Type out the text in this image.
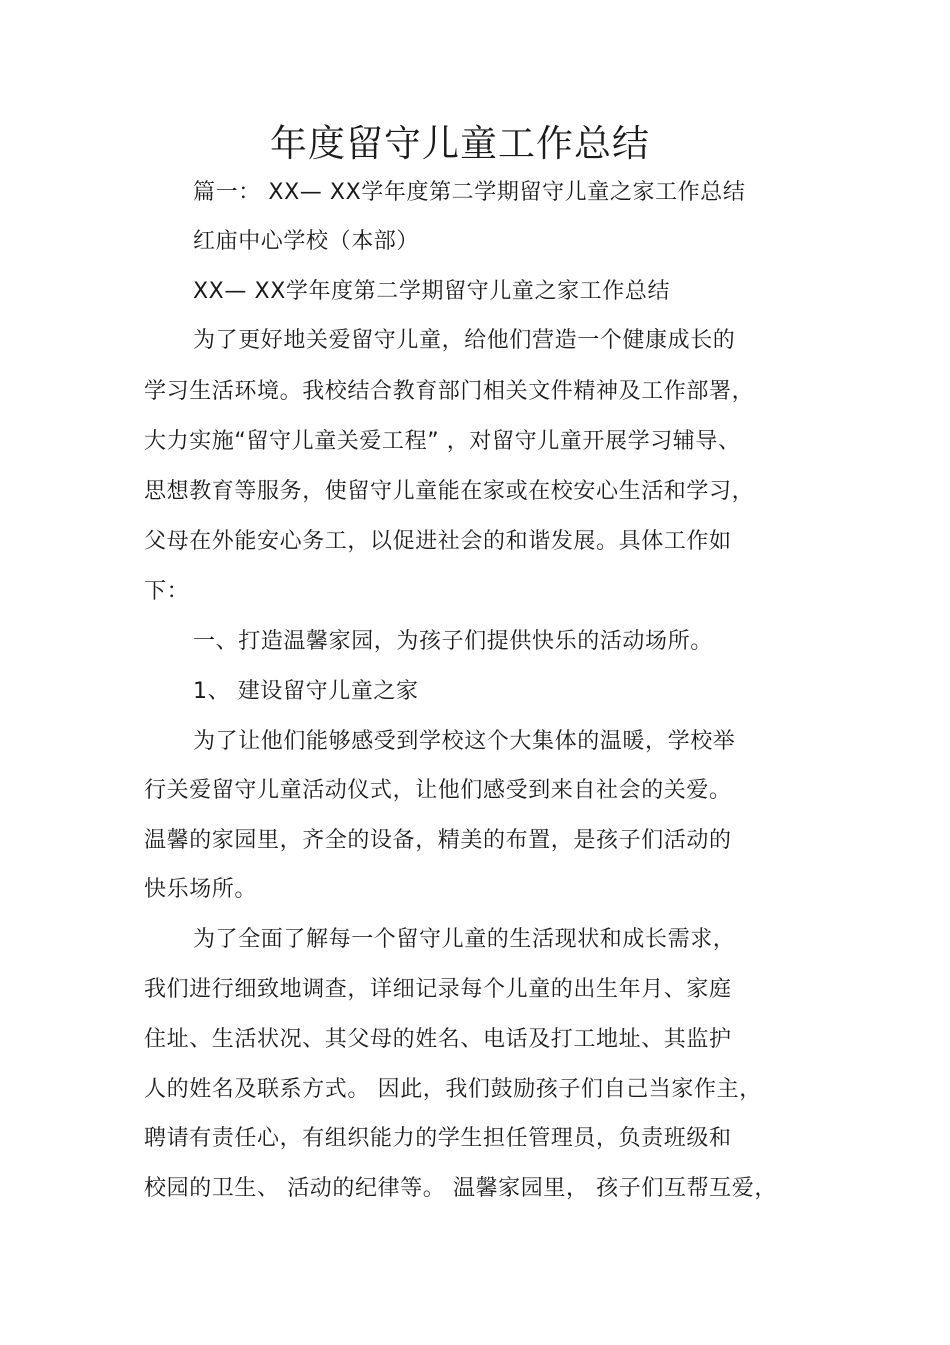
年度留守儿童工作总结
篇一： XX— XX学年度第二学期留守儿童之家工作总结
红庙中心学校（本部）
XX— XX学年度第二学期留守儿童之家工作总结
为了更好地关爱留守儿童，给他们营造一个健康成长的
学习生活环境。我校结合教育部门相关文件精神及工作部署，
大力实施“留守儿童关爱工程” ，对留守儿童开展学习辅导、
思想教育等服务，使留守儿童能在家或在校安心生活和学习，
父母在外能安心务工，以促进社会的和谐发展。具体工作如
下：
一、打造温馨家园，为孩子们提供快乐的活动场所。
1、 建设留守儿童之家
为了让他们能够感受到学校这个大集体的温暖，学校举
行关爱留守儿童活动仪式，让他们感受到来自社会的关爱。
温馨的家园里，齐全的设备，精美的布置，是孩子们活动的
快乐场所。
为了全面了解每一个留守儿童的生活现状和成长需求，
我们进行细致地调查，详细记录每个儿童的出生年月、家庭
住址、生活状况、其父母的姓名、电话及打工地址、其监护
人的姓名及联系方式。 因此，我们鼓励孩子们自己当家作主，
聘请有责任心，有组织能力的学生担任管理员，负责班级和
校园的卫生、 活动的纪律等。 温馨家园里， 孩子们互帮互爱，
